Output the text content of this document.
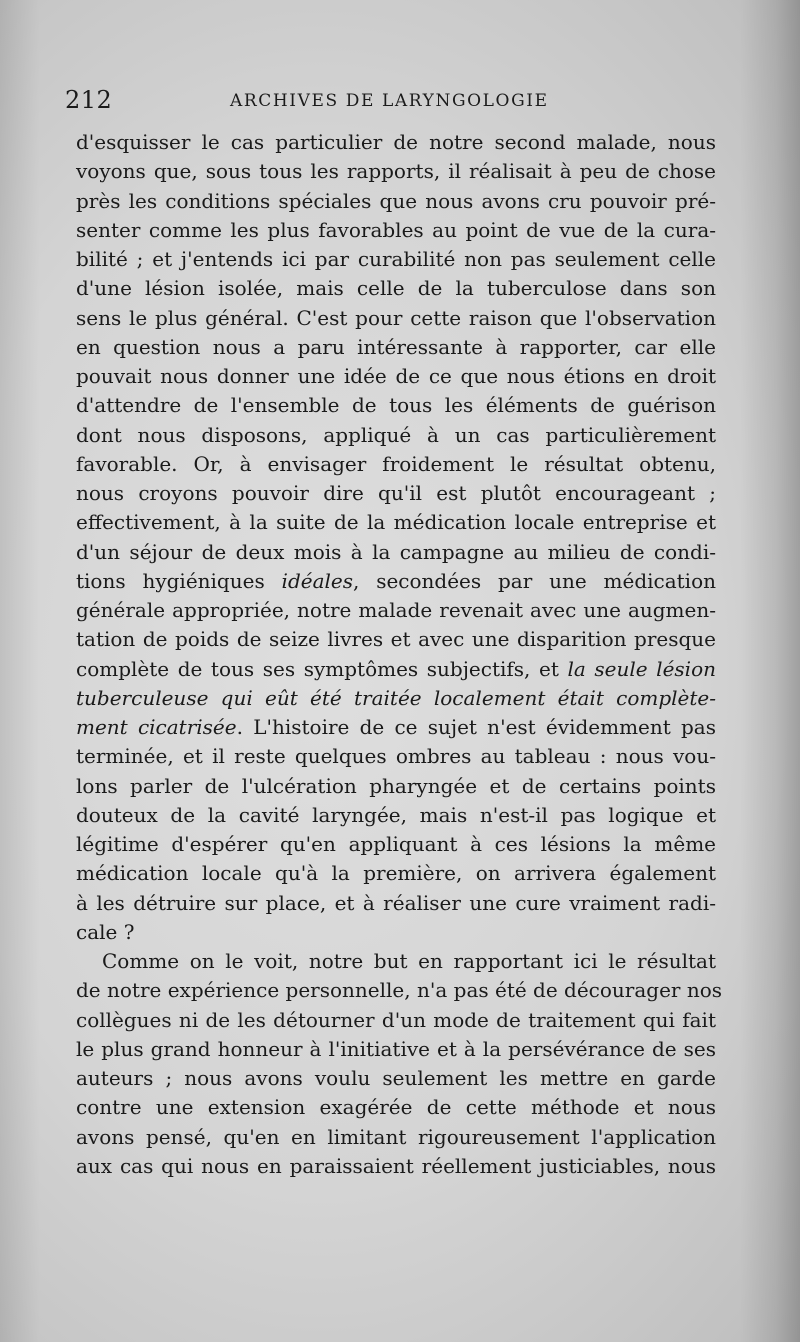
212	ARCHIVES DE LARYNGOLOGIE
d'esquisser le cas particulier de notre second malade, nous
voyons que, sous tous les rapports, il réalisait à peu de chose
près les conditions spéciales que nous avons cru pouvoir pré-
senter comme les plus favorables au point de vue de la cura-
bilité ; et j'entends ici par curabilité non pas seulement celle
d'une lésion isolée, mais celle de la tuberculose dans son
sens le plus général. C'est pour cette raison que l'observation
en question nous a paru intéressante à rapporter, car elle
pouvait nous donner une idée de ce que nous étions en droit
d'attendre de l'ensemble de tous les éléments de guérison
dont nous disposons, appliqué à un cas particulièrement
favorable. Or, à envisager froidement le résultat obtenu,
nous croyons pouvoir dire qu'il est plutôt encourageant ;
effectivement, à la suite de la médication locale entreprise et
d'un séjour de deux mois à la campagne au milieu de condi-
tions hygiéniques idéales, secondées par une médication
générale appropriée, notre malade revenait avec une augmen-
tation de poids de seize livres et avec une disparition presque
complète de tous ses symptômes subjectifs, et la seule lésion
tuberculeuse qui eût été traitée localement était complète-
ment cicatrisée. L'histoire de ce sujet n'est évidemment pas
terminée, et il reste quelques ombres au tableau : nous vou-
lons parler de l'ulcération pharyngée et de certains points
douteux de la cavité laryngée, mais n'est-il pas logique et
légitime d'espérer qu'en appliquant à ces lésions la même
médication locale qu'à la première, on arrivera également
à les détruire sur place, et à réaliser une cure vraiment radi-
cale ?
Comme on le voit, notre but en rapportant ici le résultat
de notre expérience personnelle, n'a pas été de décourager nos
collègues ni de les détourner d'un mode de traitement qui fait
le plus grand honneur à l'initiative et à la persévérance de ses
auteurs ; nous avons voulu seulement les mettre en garde
contre une extension exagérée de cette méthode et nous
avons pensé, qu'en en limitant rigoureusement l'application
aux cas qui nous en paraissaient réellement justiciables, nous
